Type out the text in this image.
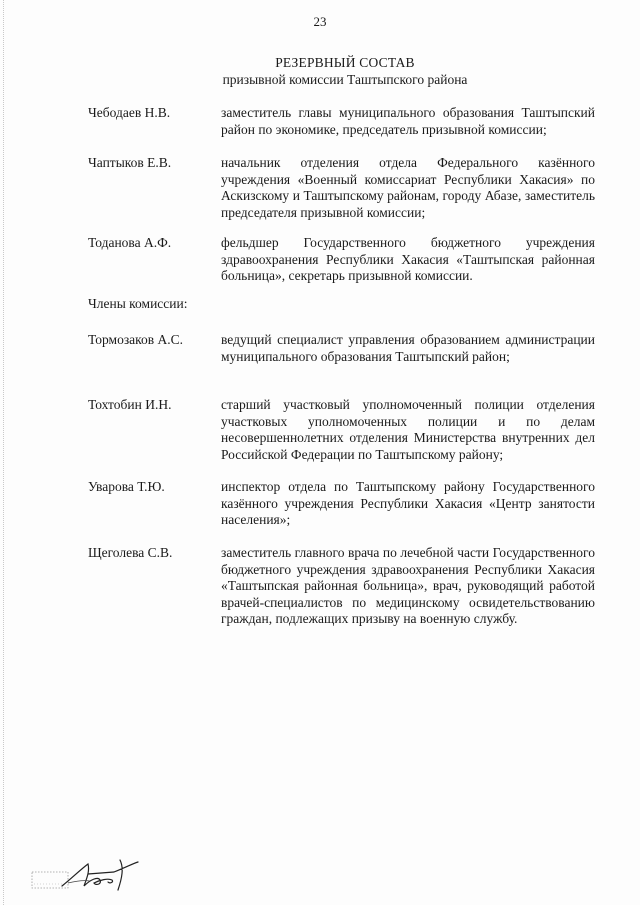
23
РЕЗЕРВНЫЙ СОСТАВ
призывной комиссии Таштыпского района
Чебодаев Н.В.	заместитель главы муниципального образования Таштыпский район по экономике, председатель призывной комиссии;
Чаптыков Е.В.	начальник отделения отдела Федерального казённого учреждения «Военный комиссариат Республики Хакасия» по Аскизскому и Таштыпскому районам, городу Абазе, заместитель председателя призывной комиссии;
Тоданова А.Ф.	фельдшер Государственного бюджетного учреждения здравоохранения Республики Хакасия «Таштыпская районная больница», секретарь призывной комиссии.
Члены комиссии:
Тормозаков А.С.	ведущий специалист управления образованием администрации муниципального образования Таштыпский район;
Тохтобин И.Н.	старший участковый уполномоченный полиции отделения участковых уполномоченных полиции и по делам несовершеннолетних отделения Министерства внутренних дел Российской Федерации по Таштыпскому району;
Уварова Т.Ю.	инспектор отдела по Таштыпскому району Государственного казённого учреждения Республики Хакасия «Центр занятости населения»;
Щеголева С.В.	заместитель главного врача по лечебной части Государственного бюджетного учреждения здравоохранения Республики Хакасия «Таштыпская районная больница», врач, руководящий работой врачей-специалистов по медицинскому освидетельствованию граждан, подлежащих призыву на военную службу.
